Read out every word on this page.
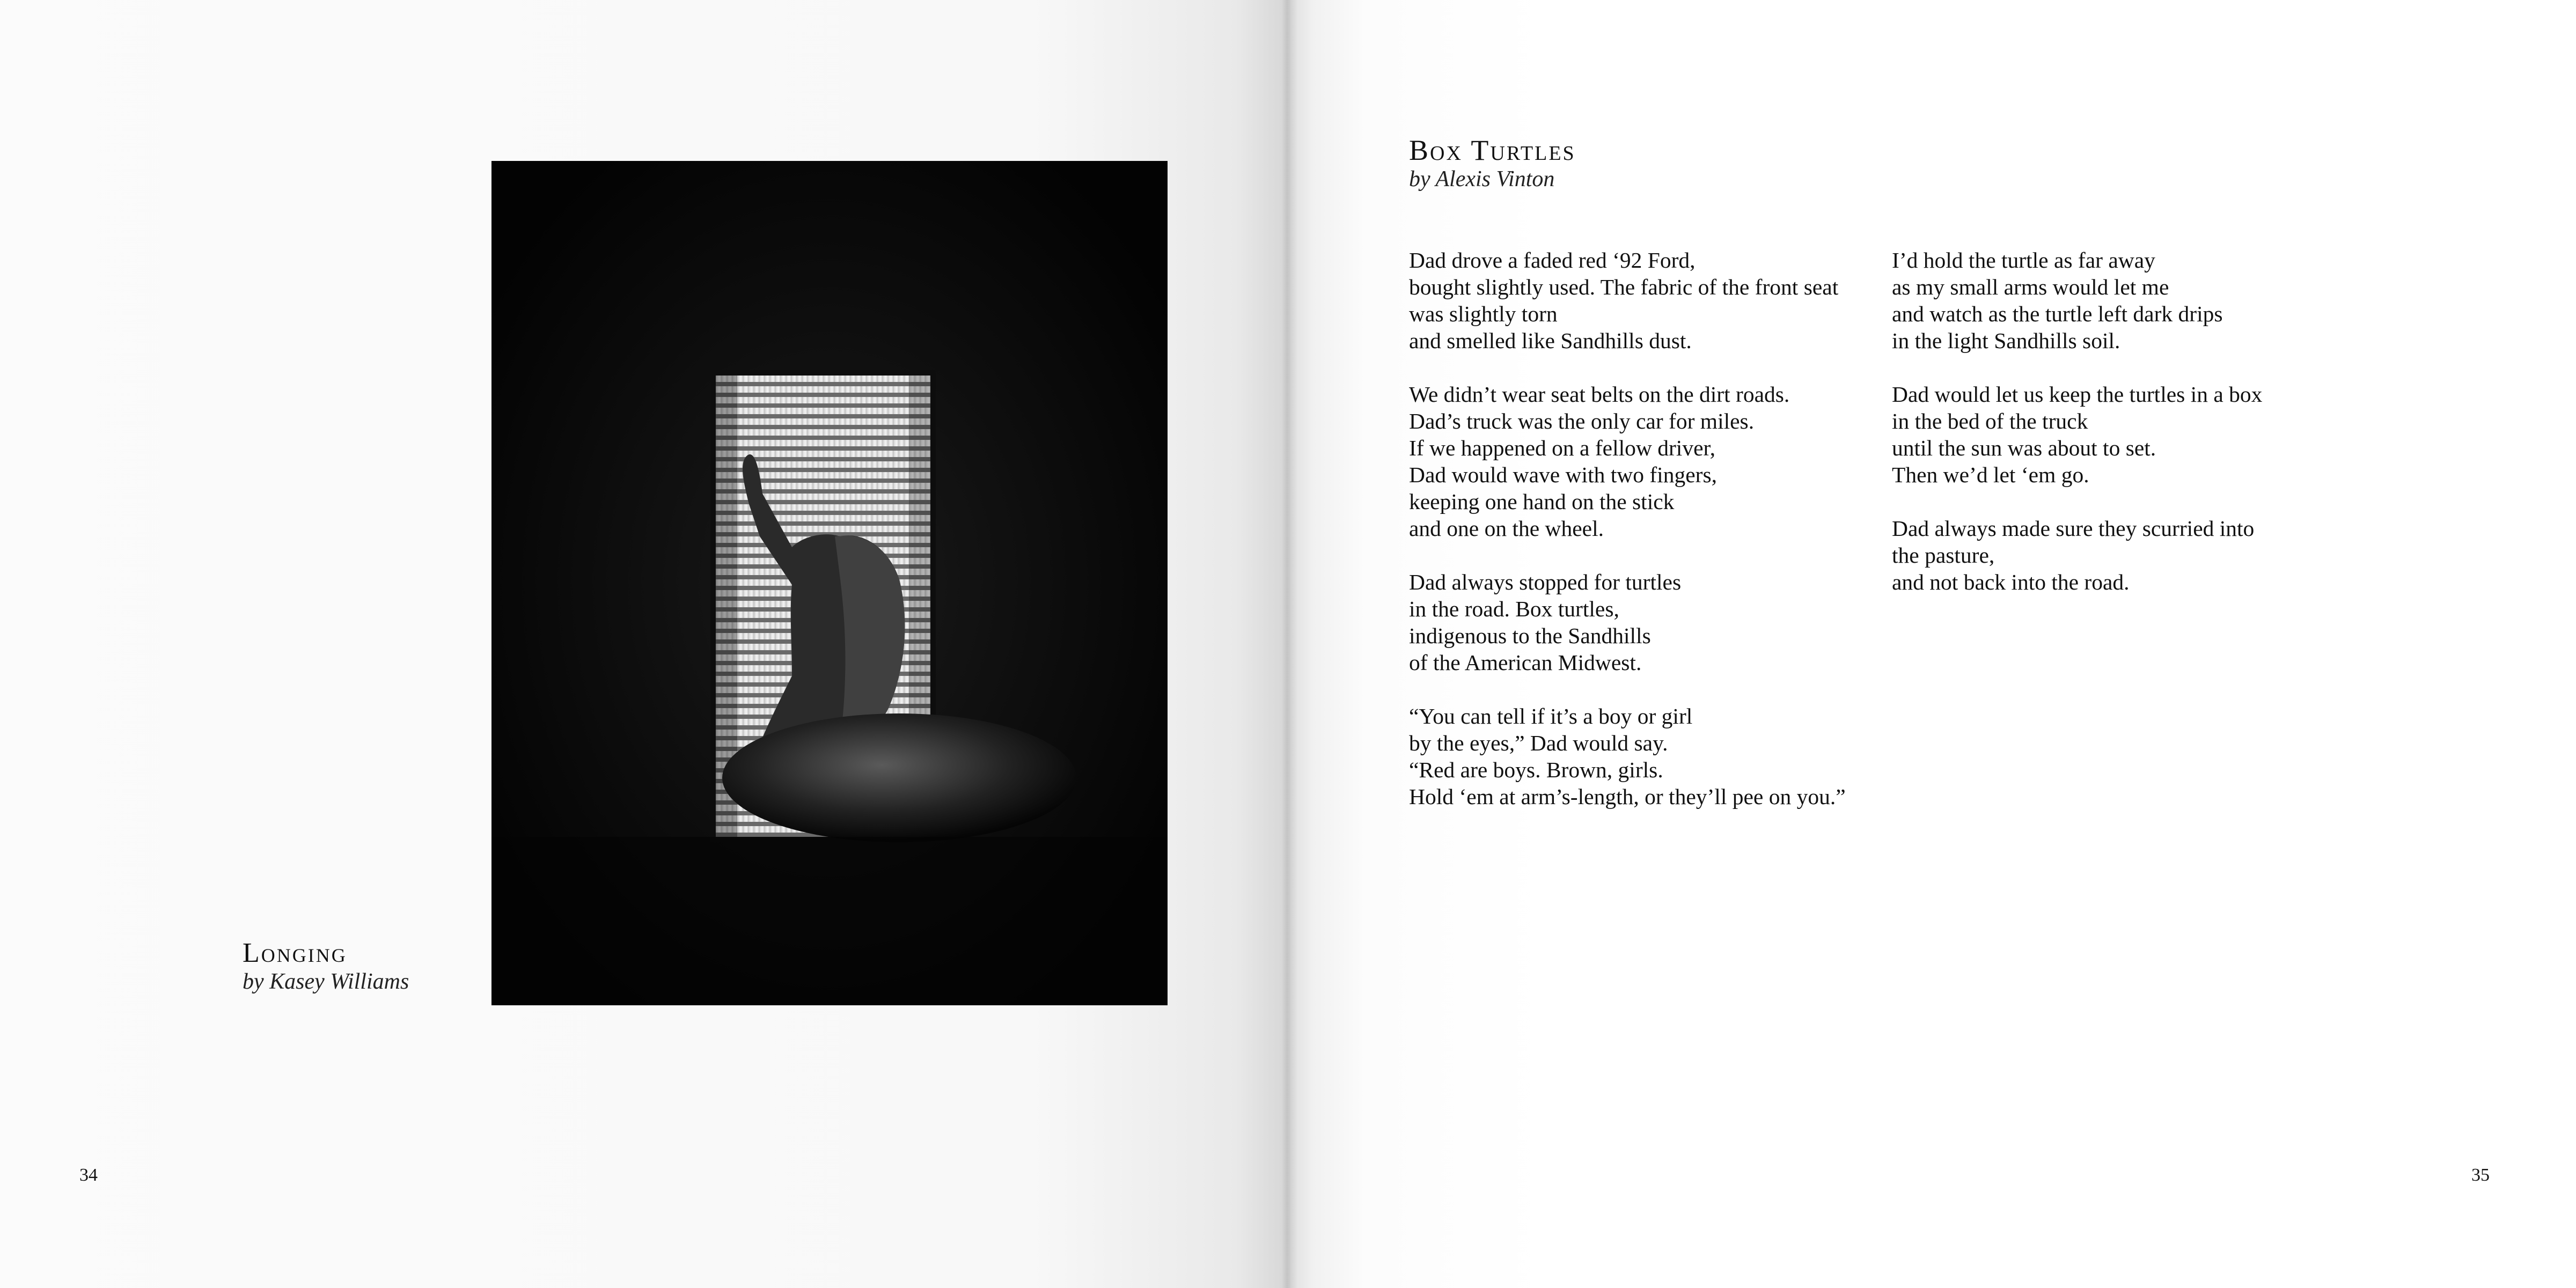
Longing
by Kasey Williams
34
Box Turtles
by Alexis Vinton
Dad drove a faded red ‘92 Ford,
bought slightly used. The fabric of the front seat
was slightly torn
and smelled like Sandhills dust.
We didn’t wear seat belts on the dirt roads.
Dad’s truck was the only car for miles.
If we happened on a fellow driver,
Dad would wave with two fingers,
keeping one hand on the stick
and one on the wheel.
Dad always stopped for turtles
in the road. Box turtles,
indigenous to the Sandhills
of the American Midwest.
“You can tell if it’s a boy or girl
by the eyes,” Dad would say.
“Red are boys. Brown, girls.
Hold ‘em at arm’s-length, or they’ll pee on you.”
I’d hold the turtle as far away
as my small arms would let me
and watch as the turtle left dark drips
in the light Sandhills soil.
Dad would let us keep the turtles in a box
in the bed of the truck
until the sun was about to set.
Then we’d let ‘em go.
Dad always made sure they scurried into
the pasture,
and not back into the road.
35
